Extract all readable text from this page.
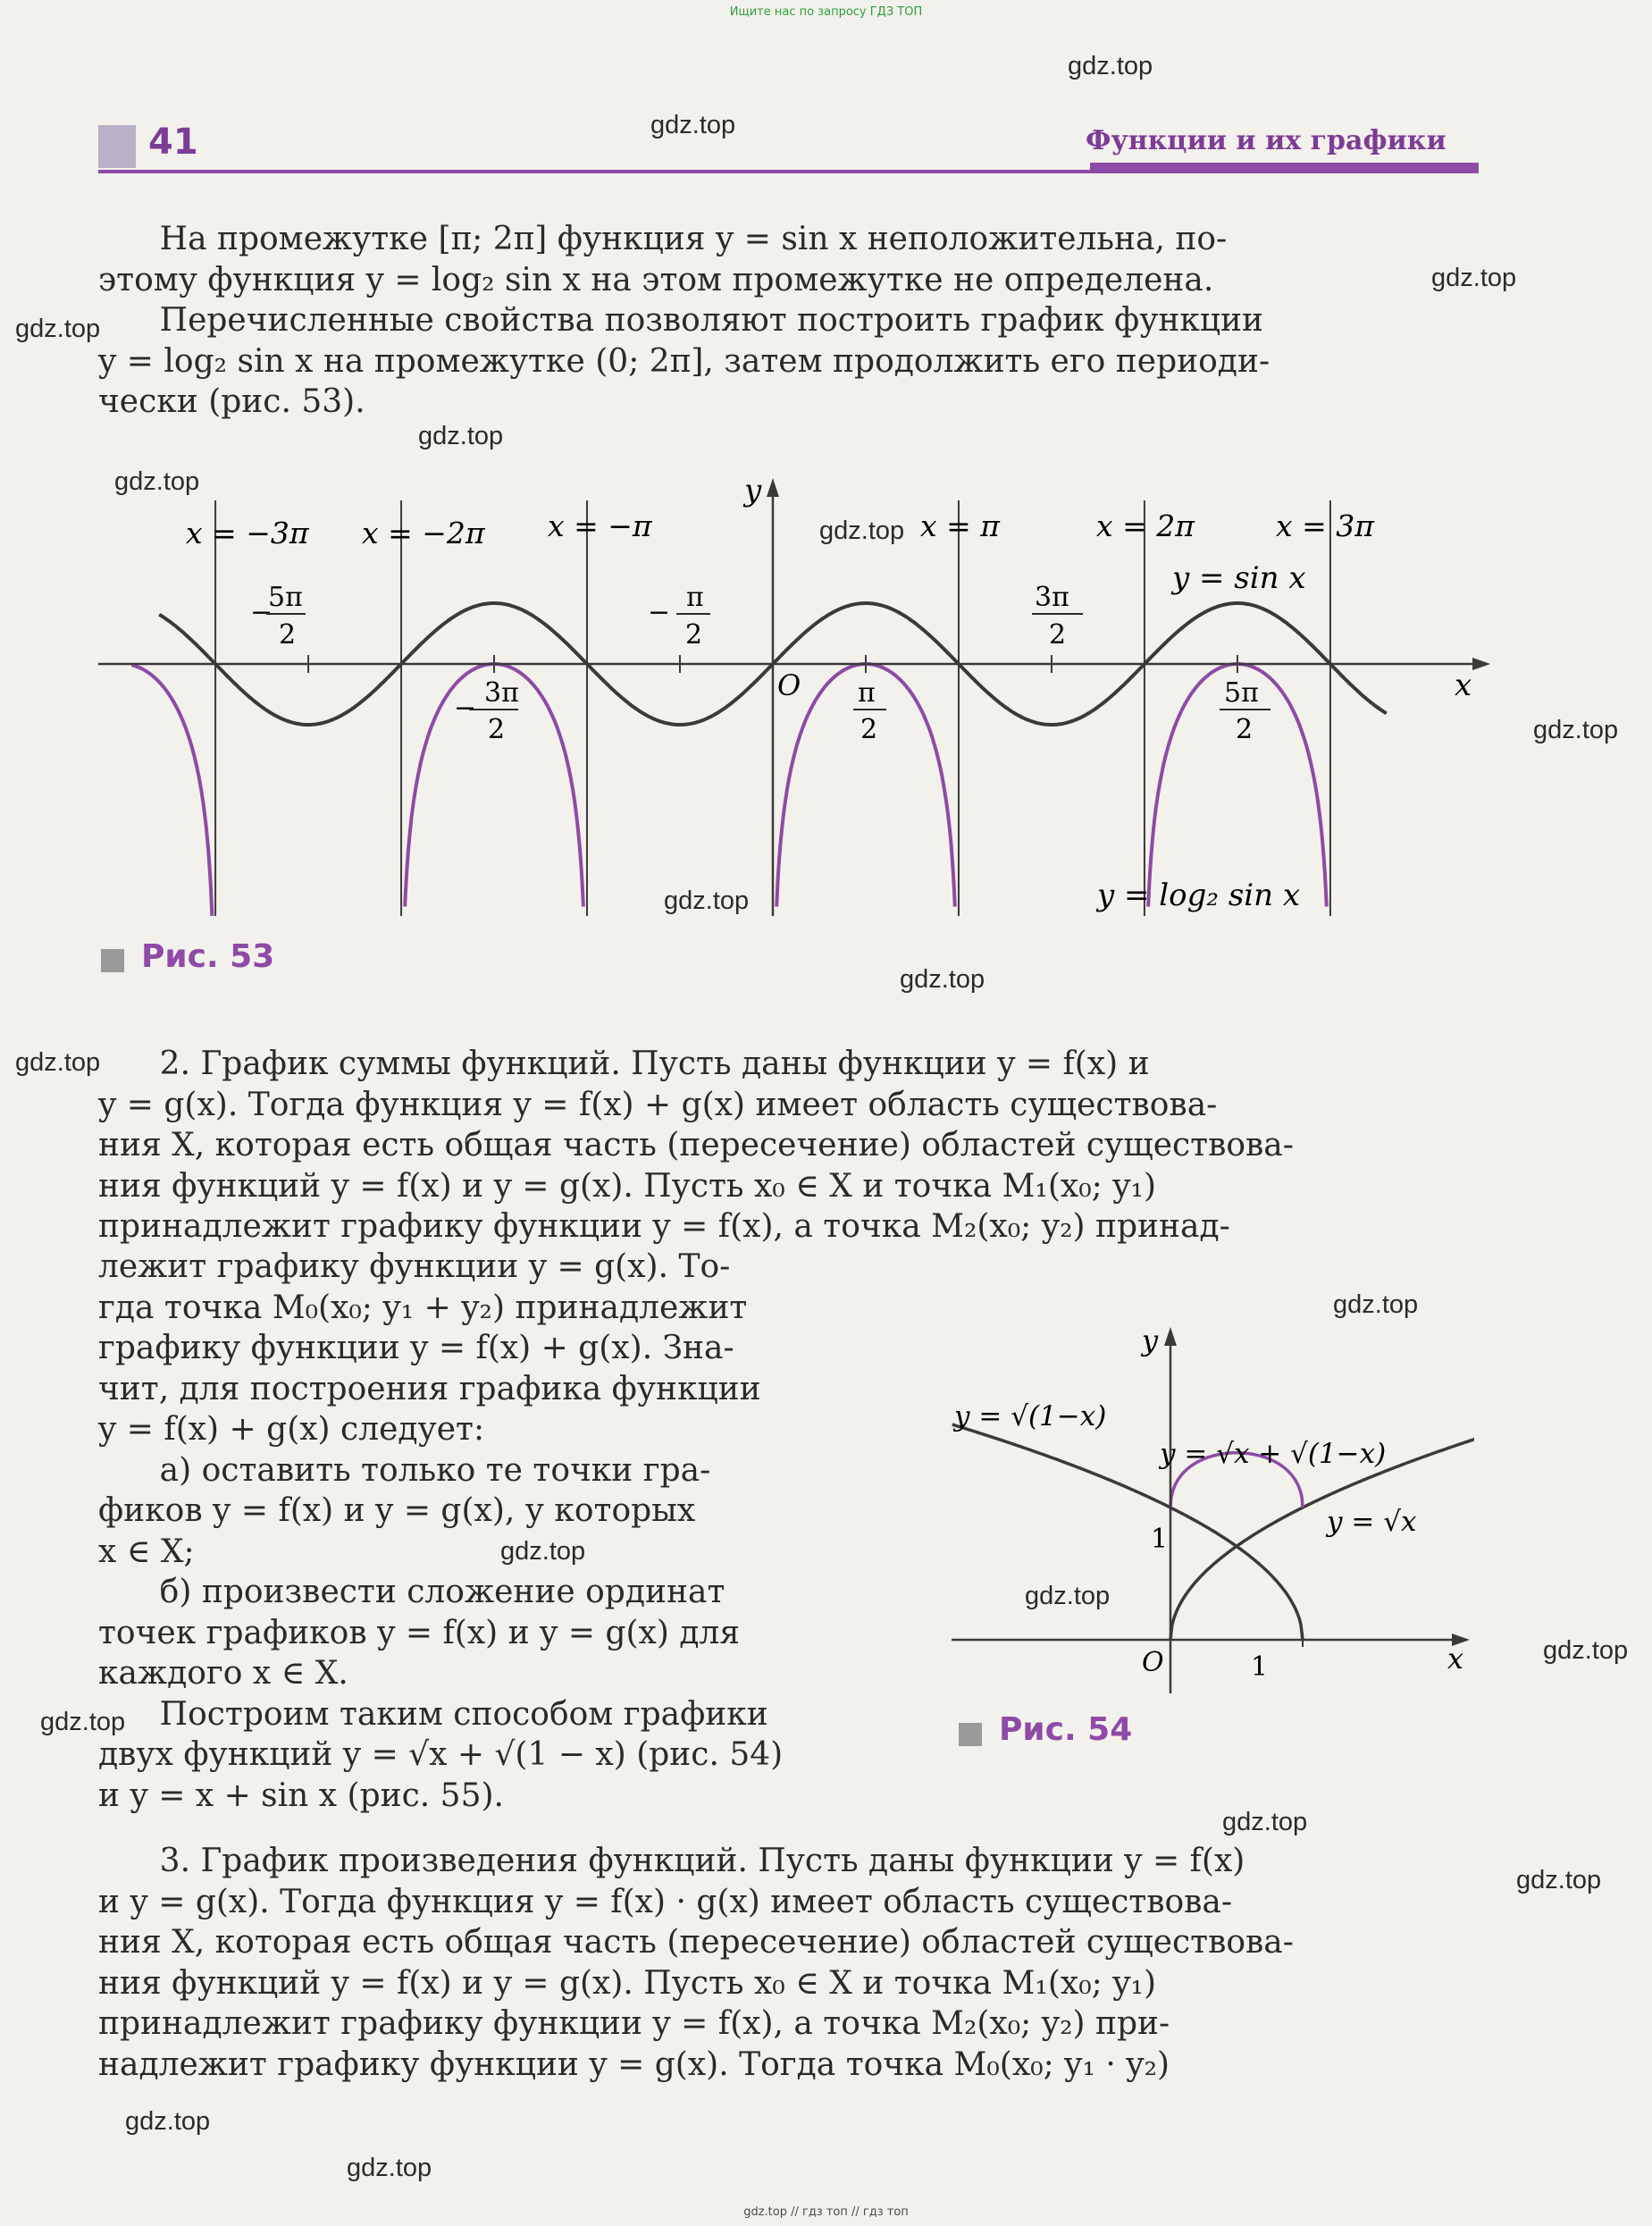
Ищите нас по запросу ГДЗ ТОП
41	Функции и их графики

На промежутке [π; 2π] функция y = sin x неположительна, по-
этому функция y = log₂ sin x на этом промежутке не определена.
Перечисленные свойства позволяют построить график функции
y = log₂ sin x на промежутке (0; 2π], затем продолжить его периоди-
чески (рис. 53).

x
y
O
x = −3π x = −2π x = −π	x = π	x = 2π	x = 3π
5π
−
2
3π
−
2
π
−
2
π
2
3π
2
5π
2
y = sin x
y = log₂ sin x
Рис. 53

2. График суммы функций. Пусть даны функции y = f(x) и
y = g(x). Тогда функция y = f(x) + g(x) имеет область существова-
ния X, которая есть общая часть (пересечение) областей существова-
ния функций y = f(x) и y = g(x). Пусть x₀ ∈ X и точка M₁(x₀; y₁)
принадлежит графику функции y = f(x), а точка M₂(x₀; y₂) принад-

лежит графику функции y = g(x). То-
гда точка M₀(x₀; y₁ + y₂) принадлежит
графику функции y = f(x) + g(x). Зна-
чит, для построения графика функции
y = f(x) + g(x) следует:
а) оставить только те точки гра-
фиков y = f(x) и y = g(x), у которых
x ∈ X;
б) произвести сложение ординат
точек графиков y = f(x) и y = g(x) для
каждого x ∈ X.
Построим таким способом графики
двух функций y = √x + √(1 − x) (рис. 54)
и y = x + sin x (рис. 55).

x
y
O	1
1
y = √(1−x)
y = √x + √(1−x)
y = √x
Рис. 54

3. График произведения функций. Пусть даны функции y = f(x)
и y = g(x). Тогда функция y = f(x) · g(x) имеет область существова-
ния X, которая есть общая часть (пересечение) областей существова-
ния функций y = f(x) и y = g(x). Пусть x₀ ∈ X и точка M₁(x₀; y₁)
принадлежит графику функции y = f(x), а точка M₂(x₀; y₂) при-
надлежит графику функции y = g(x). Тогда точка M₀(x₀; y₁ · y₂)

gdz.top
gdz.top
gdz.top
gdz.top
gdz.top
gdz.top
gdz.top
gdz.top
gdz.top
gdz.top
gdz.top
gdz.top
gdz.top
gdz.top
gdz.top
gdz.top
gdz.top
gdz.top
gdz.top
gdz.top
gdz.top // гдз топ // гдз топ
